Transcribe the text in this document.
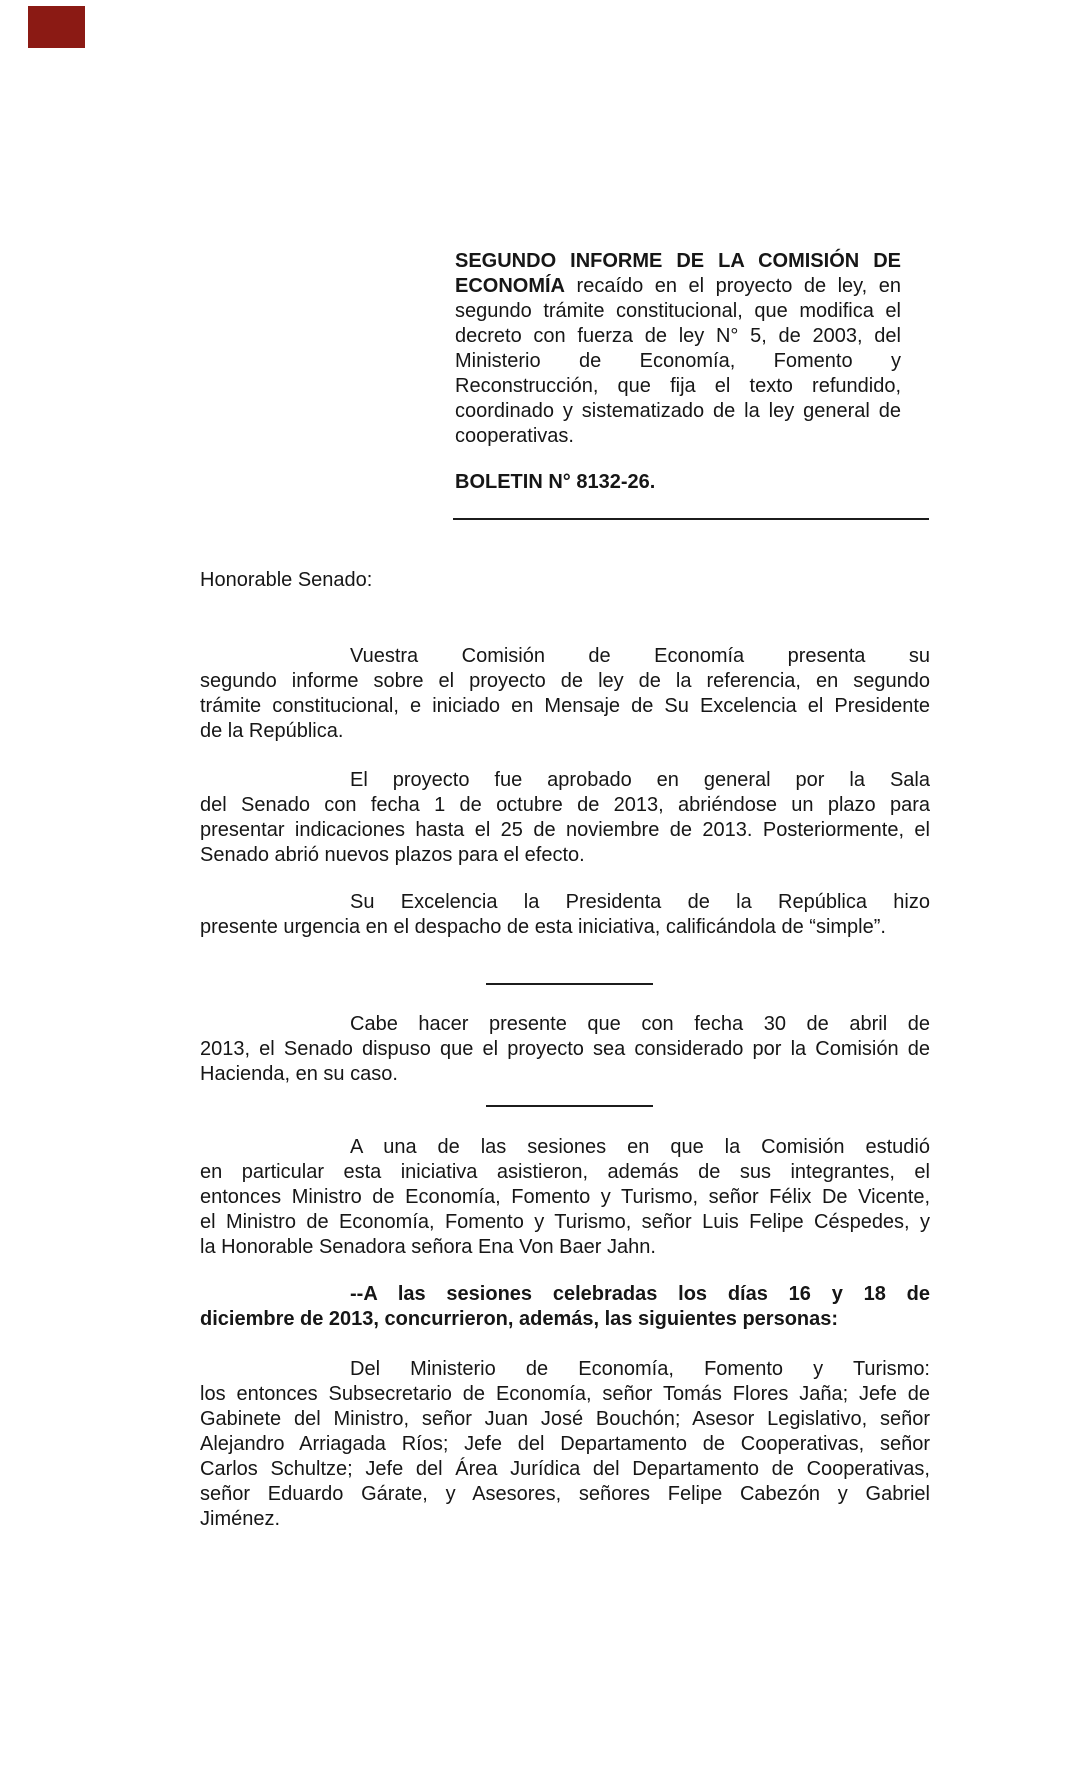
SEGUNDO INFORME DE LA COMISIÓN DE
ECONOMÍA recaído en el proyecto de ley, en
segundo trámite constitucional, que modifica el
decreto con fuerza de ley N° 5, de 2003, del
Ministerio de Economía, Fomento y
Reconstrucción, que fija el texto refundido,
coordinado y sistematizado de la ley general de
cooperativas.
BOLETIN N° 8132-26.
Honorable Senado:
Vuestra Comisión de Economía presenta su
segundo informe sobre el proyecto de ley de la referencia, en segundo
trámite constitucional, e iniciado en Mensaje de Su Excelencia el Presidente
de la República.
El proyecto fue aprobado en general por la Sala
del Senado con fecha 1 de octubre de 2013, abriéndose un plazo para
presentar indicaciones hasta el 25 de noviembre de 2013. Posteriormente, el
Senado abrió nuevos plazos para el efecto.
Su Excelencia la Presidenta de la República hizo
presente urgencia en el despacho de esta iniciativa, calificándola de “simple”.
Cabe hacer presente que con fecha 30 de abril de
2013, el Senado dispuso que el proyecto sea considerado por la Comisión de
Hacienda, en su caso.
A una de las sesiones en que la Comisión estudió
en particular esta iniciativa asistieron, además de sus integrantes, el
entonces Ministro de Economía, Fomento y Turismo, señor Félix De Vicente,
el Ministro de Economía, Fomento y Turismo, señor Luis Felipe Céspedes, y
la Honorable Senadora señora Ena Von Baer Jahn.
--A las sesiones celebradas los días 16 y 18 de
diciembre de 2013, concurrieron, además, las siguientes personas:
Del Ministerio de Economía, Fomento y Turismo:
los entonces Subsecretario de Economía, señor Tomás Flores Jaña; Jefe de
Gabinete del Ministro, señor Juan José Bouchón; Asesor Legislativo, señor
Alejandro Arriagada Ríos; Jefe del Departamento de Cooperativas, señor
Carlos Schultze; Jefe del Área Jurídica del Departamento de Cooperativas,
señor Eduardo Gárate, y Asesores, señores Felipe Cabezón y Gabriel
Jiménez.
